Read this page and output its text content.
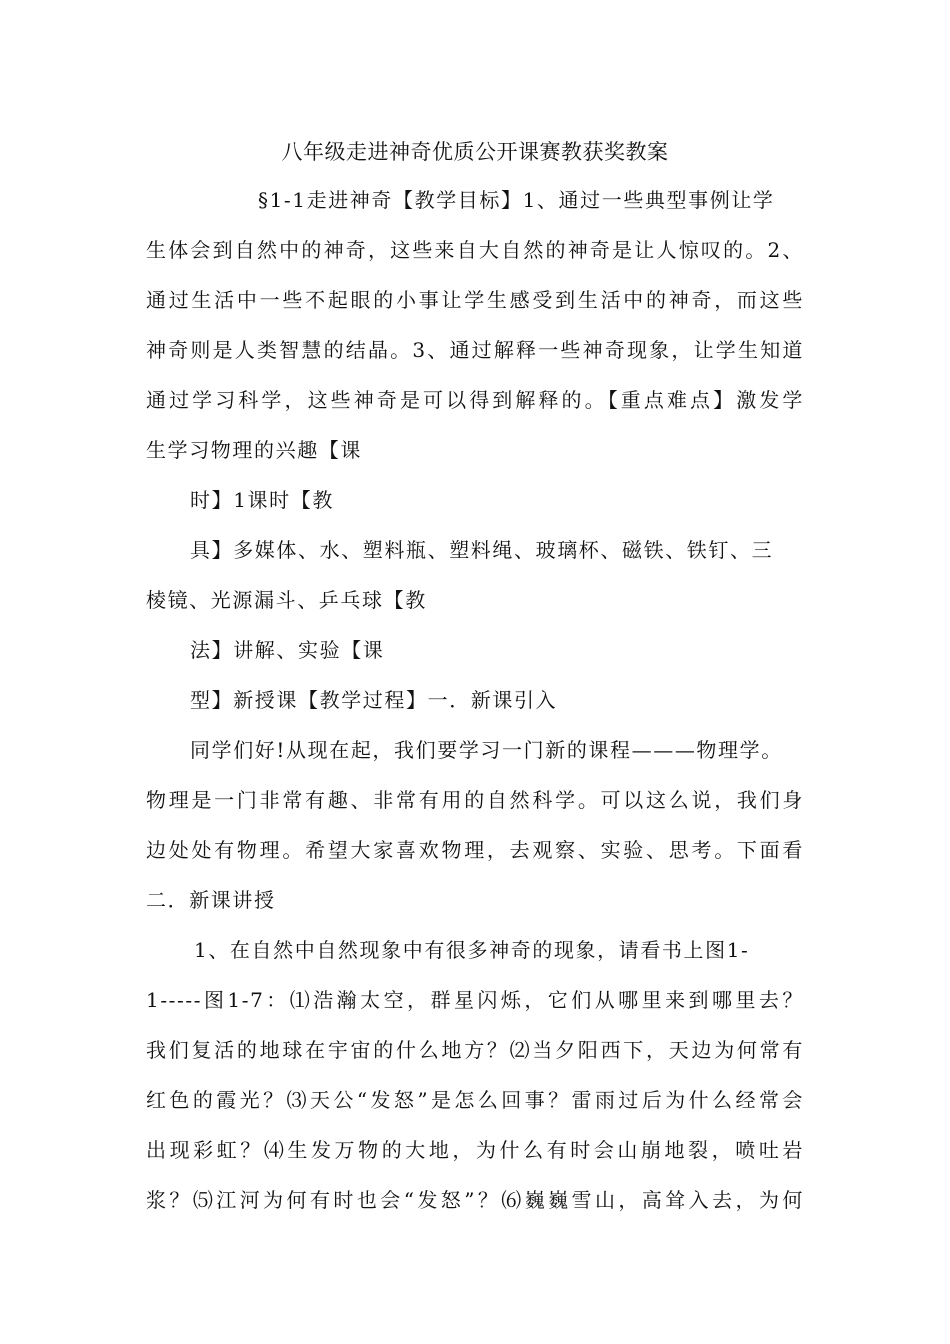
八年级走进神奇优质公开课赛教获奖教案
§1-1走进神奇【教学目标】1、通过一些典型事例让学
生体会到自然中的神奇，这些来自大自然的神奇是让人惊叹的。2、
通过生活中一些不起眼的小事让学生感受到生活中的神奇，而这些
神奇则是人类智慧的结晶。3、通过解释一些神奇现象，让学生知道
通过学习科学，这些神奇是可以得到解释的。【重点难点】激发学
生学习物理的兴趣【课
时】1课时【教
具】多媒体、水、塑料瓶、塑料绳、玻璃杯、磁铁、铁钉、三
棱镜、光源漏斗、乒乓球【教
法】讲解、实验【课
型】新授课【教学过程】一．新课引入
同学们好!从现在起，我们要学习一门新的课程———物理学。
物理是一门非常有趣、非常有用的自然科学。可以这么说，我们身
边处处有物理。希望大家喜欢物理，去观察、实验、思考。下面看
二．新课讲授
1、在自然中自然现象中有很多神奇的现象，请看书上图1-
1-----图1-7：⑴浩瀚太空，群星闪烁，它们从哪里来到哪里去？
我们复活的地球在宇宙的什么地方？⑵当夕阳西下，天边为何常有
红色的霞光？⑶天公“发怒”是怎么回事？雷雨过后为什么经常会
出现彩虹？⑷生发万物的大地，为什么有时会山崩地裂，喷吐岩
浆？⑸江河为何有时也会“发怒”？⑹巍巍雪山，高耸入去，为何
